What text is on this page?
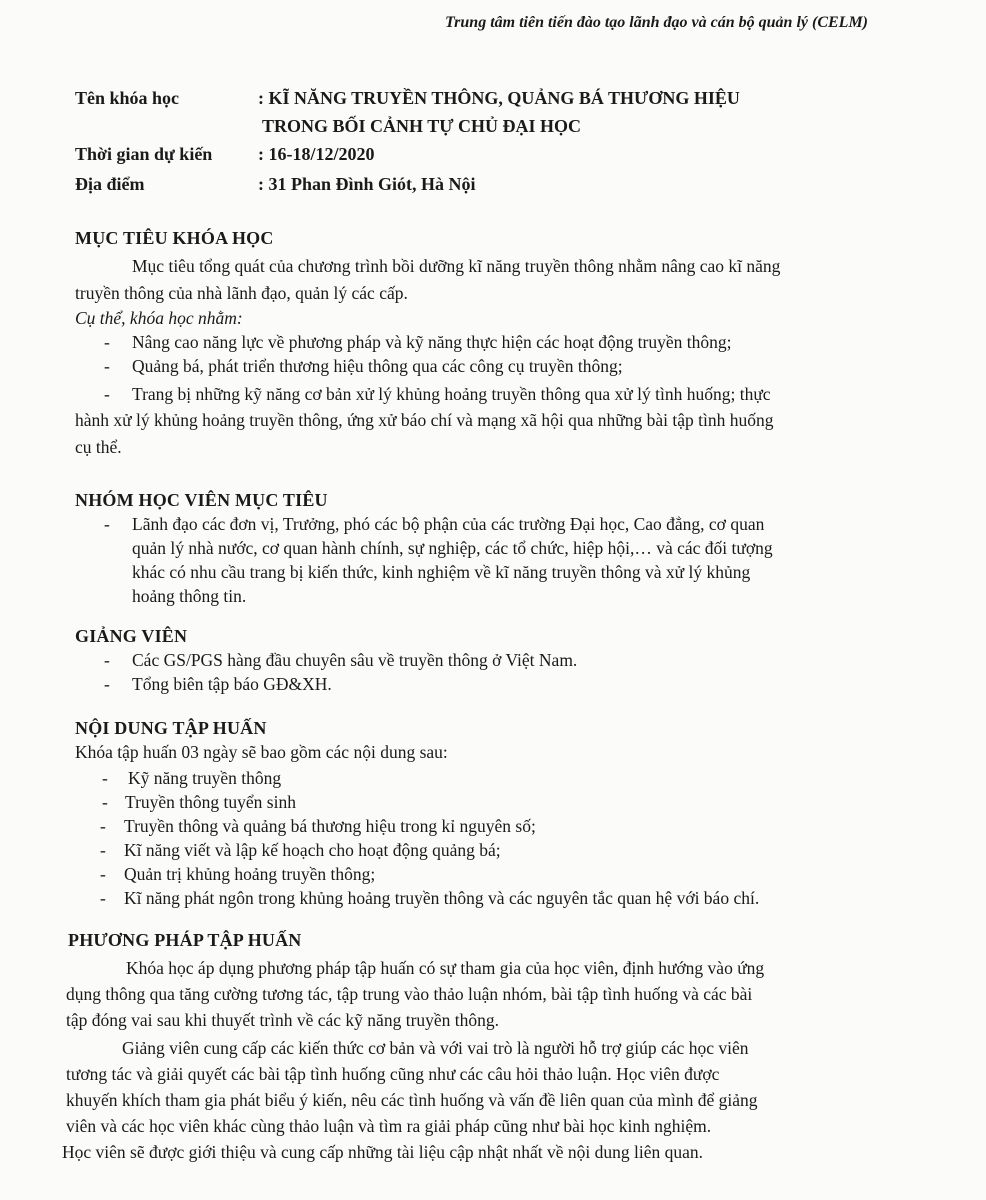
Trung tâm tiên tiến đào tạo lãnh đạo và cán bộ quản lý (CELM)
Tên khóa học	: KĨ NĂNG TRUYỀN THÔNG, QUẢNG BÁ THƯƠNG HIỆU
TRONG BỐI CẢNH TỰ CHỦ ĐẠI HỌC
Thời gian dự kiến	: 16-18/12/2020
Địa điểm	: 31 Phan Đình Giót, Hà Nội
MỤC TIÊU KHÓA HỌC
Mục tiêu tổng quát của chương trình bồi dưỡng kĩ năng truyền thông nhằm nâng cao kĩ năng
truyền thông của nhà lãnh đạo, quản lý các cấp.
Cụ thể, khóa học nhằm:
- Nâng cao năng lực về phương pháp và kỹ năng thực hiện các hoạt động truyền thông;
- Quảng bá, phát triển thương hiệu thông qua các công cụ truyền thông;
- Trang bị những kỹ năng cơ bản xử lý khủng hoảng truyền thông qua xử lý tình huống; thực
hành xử lý khủng hoảng truyền thông, ứng xử báo chí và mạng xã hội qua những bài tập tình huống
cụ thể.
NHÓM HỌC VIÊN MỤC TIÊU
- Lãnh đạo các đơn vị, Trưởng, phó các bộ phận của các trường Đại học, Cao đẳng, cơ quan
quản lý nhà nước, cơ quan hành chính, sự nghiệp, các tổ chức, hiệp hội,… và các đối tượng
khác có nhu cầu trang bị kiến thức, kinh nghiệm về kĩ năng truyền thông và xử lý khủng
hoảng thông tin.
GIẢNG VIÊN
- Các GS/PGS hàng đầu chuyên sâu về truyền thông ở Việt Nam.
- Tổng biên tập báo GĐ&XH.
NỘI DUNG TẬP HUẤN
Khóa tập huấn 03 ngày sẽ bao gồm các nội dung sau:
- Kỹ năng truyền thông
- Truyền thông tuyển sinh
- Truyền thông và quảng bá thương hiệu trong kỉ nguyên số;
- Kĩ năng viết và lập kế hoạch cho hoạt động quảng bá;
- Quản trị khủng hoảng truyền thông;
- Kĩ năng phát ngôn trong khủng hoảng truyền thông và các nguyên tắc quan hệ với báo chí.
PHƯƠNG PHÁP TẬP HUẤN
Khóa học áp dụng phương pháp tập huấn có sự tham gia của học viên, định hướng vào ứng
dụng thông qua tăng cường tương tác, tập trung vào thảo luận nhóm, bài tập tình huống và các bài
tập đóng vai sau khi thuyết trình về các kỹ năng truyền thông.
Giảng viên cung cấp các kiến thức cơ bản và với vai trò là người hỗ trợ giúp các học viên
tương tác và giải quyết các bài tập tình huống cũng như các câu hỏi thảo luận. Học viên được
khuyến khích tham gia phát biểu ý kiến, nêu các tình huống và vấn đề liên quan của mình để giảng
viên và các học viên khác cùng thảo luận và tìm ra giải pháp cũng như bài học kinh nghiệm.
Học viên sẽ được giới thiệu và cung cấp những tài liệu cập nhật nhất về nội dung liên quan.
